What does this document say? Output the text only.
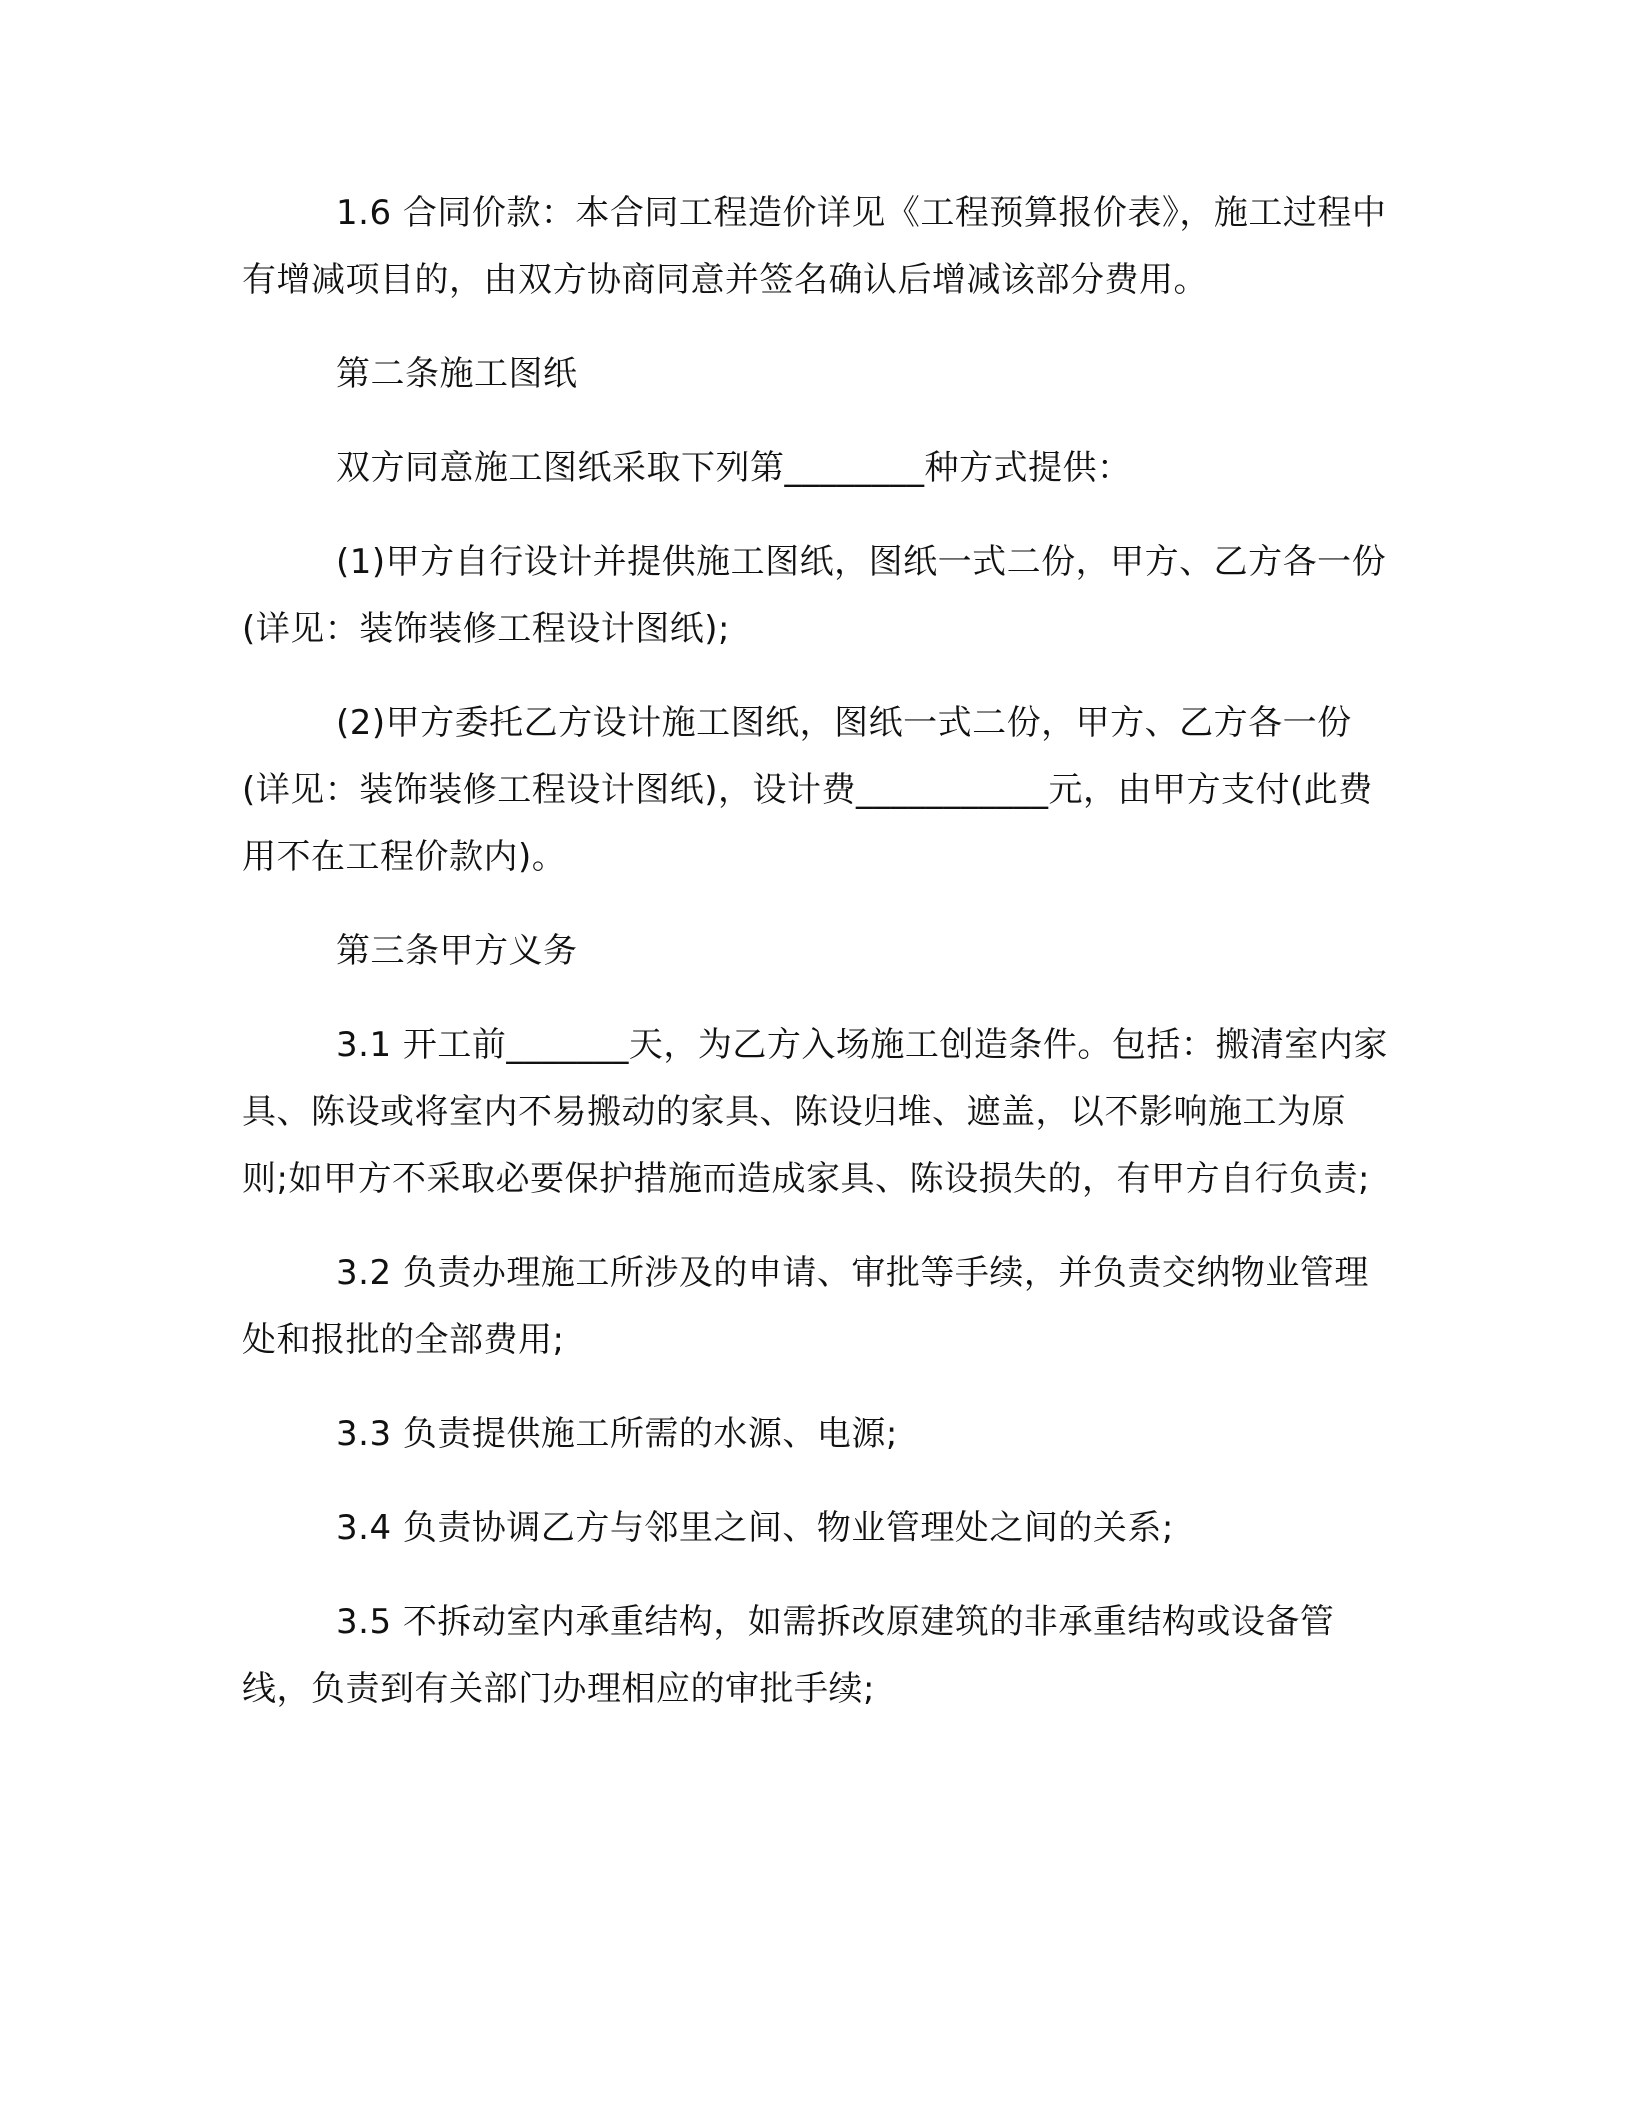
1.6 合同价款：本合同工程造价详见《工程预算报价表》，施工过程中有增减项目的，由双方协商同意并签名确认后增减该部分费用。

第二条施工图纸

双方同意施工图纸采取下列第________种方式提供：

(1)甲方自行设计并提供施工图纸，图纸一式二份，甲方、乙方各一份(详见：装饰装修工程设计图纸);

(2)甲方委托乙方设计施工图纸，图纸一式二份，甲方、乙方各一份(详见：装饰装修工程设计图纸)，设计费___________元，由甲方支付(此费用不在工程价款内)。

第三条甲方义务

3.1 开工前_______天，为乙方入场施工创造条件。包括：搬清室内家具、陈设或将室内不易搬动的家具、陈设归堆、遮盖，以不影响施工为原则;如甲方不采取必要保护措施而造成家具、陈设损失的，有甲方自行负责;

3.2 负责办理施工所涉及的申请、审批等手续，并负责交纳物业管理处和报批的全部费用;

3.3 负责提供施工所需的水源、电源;

3.4 负责协调乙方与邻里之间、物业管理处之间的关系;

3.5 不拆动室内承重结构，如需拆改原建筑的非承重结构或设备管线，负责到有关部门办理相应的审批手续;
